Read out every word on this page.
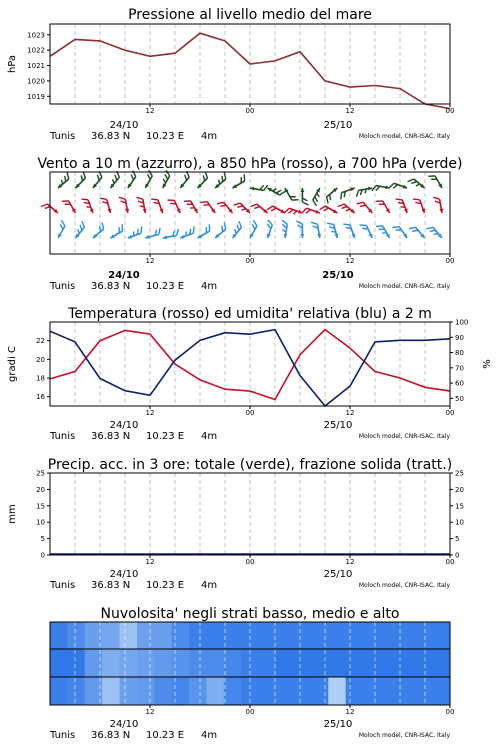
Pressione al livello medio del mare
1019
1020
1021
1022
1023
12	00	12	00
hPa
24/10	25/10
Tunis 36.83 N 10.23 E 4m	Moloch model, CNR-ISAC, Italy
Vento a 10 m (azzurro), a 850 hPa (rosso), a 700 hPa (verde)
12	00	12	00
24/10	25/10
Tunis 36.83 N 10.23 E 4m	Moloch model, CNR-ISAC, Italy
Temperatura (rosso) ed umidita' relativa (blu) a 2 m
16
18
20
22
50
60
70
80
90
100
12	00	12	00
gradi C	%
24/10	25/10
Tunis 36.83 N 10.23 E 4m	Moloch model, CNR-ISAC, Italy
Precip. acc. in 3 ore: totale (verde), frazione solida (tratt.)
0
5
10
15
20
25
0
5
10
15
20
25
12	00	12	00
mm
24/10	25/10
Tunis 36.83 N 10.23 E 4m	Moloch model, CNR-ISAC, Italy
Nuvolosita' negli strati basso, medio e alto
12	00	12	00
24/10	25/10
Tunis 36.83 N 10.23 E 4m	Moloch model, CNR-ISAC, Italy
